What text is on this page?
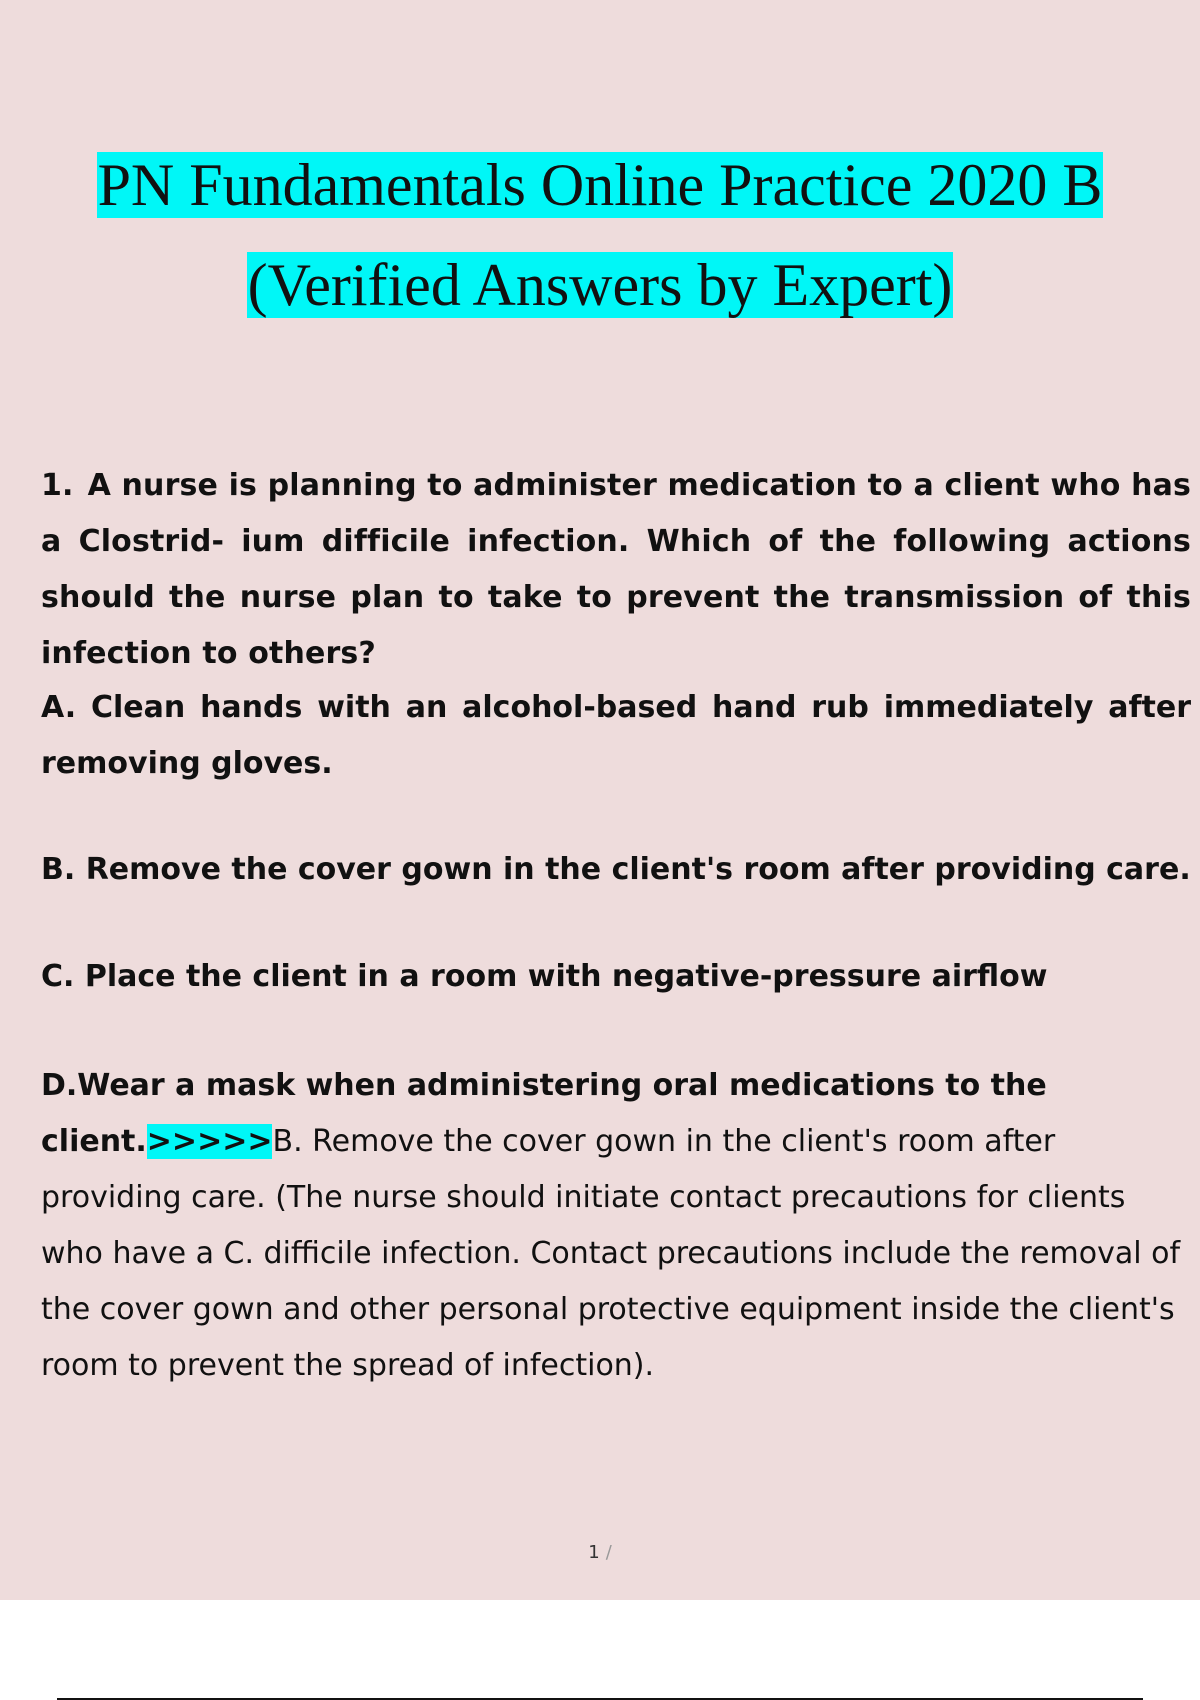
PN Fundamentals Online Practice 2020 B
(Verified Answers by Expert)
1. A nurse is planning to administer medication to a client who has a Clostrid- ium difficile infection. Which of the following actions should the nurse plan to take to prevent the transmission of this infection to others?
A. Clean hands with an alcohol-based hand rub immediately after removing gloves.
B. Remove the cover gown in the client's room after providing care.
C. Place the client in a room with negative-pressure airflow
D.Wear a mask when administering oral medications to the client.>>>>>B. Remove the cover gown in the client's room after providing care. (The nurse should initiate contact precautions for clients who have a C. difficile infection. Contact precautions include the removal of the cover gown and other personal protective equipment inside the client's room to prevent the spread of infection).
1 /
